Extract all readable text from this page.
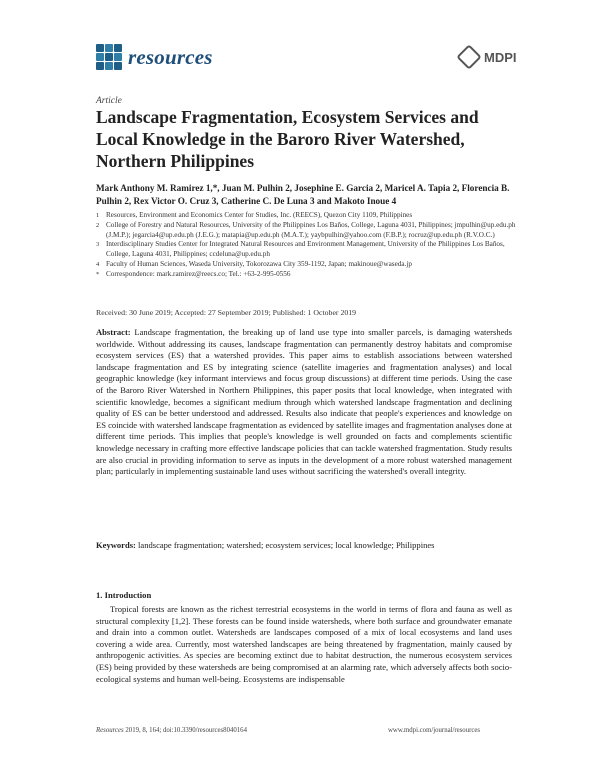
resources	MDPI
Article
Landscape Fragmentation, Ecosystem Services and Local Knowledge in the Baroro River Watershed, Northern Philippines
Mark Anthony M. Ramirez 1,*, Juan M. Pulhin 2, Josephine E. Garcia 2, Maricel A. Tapia 2, Florencia B. Pulhin 2, Rex Victor O. Cruz 3, Catherine C. De Luna 3 and Makoto Inoue 4
1 Resources, Environment and Economics Center for Studies, Inc. (REECS), Quezon City 1109, Philippines
2 College of Forestry and Natural Resources, University of the Philippines Los Baños, College, Laguna 4031, Philippines; jmpulhin@up.edu.ph (J.M.P.); jegarcia4@up.edu.ph (J.E.G.); matapia@up.edu.ph (M.A.T.); yaybpulhin@yahoo.com (F.B.P.); rocruz@up.edu.ph (R.V.O.C.)
3 Interdisciplinary Studies Center for Integrated Natural Resources and Environment Management, University of the Philippines Los Baños, College, Laguna 4031, Philippines; ccdeluna@up.edu.ph
4 Faculty of Human Sciences, Waseda University, Tokorozawa City 359-1192, Japan; makinoue@waseda.jp
* Correspondence: mark.ramirez@reecs.co; Tel.: +63-2-995-0556
Received: 30 June 2019; Accepted: 27 September 2019; Published: 1 October 2019
Abstract: Landscape fragmentation, the breaking up of land use type into smaller parcels, is damaging watersheds worldwide. Without addressing its causes, landscape fragmentation can permanently destroy habitats and compromise ecosystem services (ES) that a watershed provides. This paper aims to establish associations between watershed landscape fragmentation and ES by integrating science (satellite imageries and fragmentation analyses) and local geographic knowledge (key informant interviews and focus group discussions) at different time periods. Using the case of the Baroro River Watershed in Northern Philippines, this paper posits that local knowledge, when integrated with scientific knowledge, becomes a significant medium through which watershed landscape fragmentation and declining quality of ES can be better understood and addressed. Results also indicate that people's experiences and knowledge on ES coincide with watershed landscape fragmentation as evidenced by satellite images and fragmentation analyses done at different time periods. This implies that people's knowledge is well grounded on facts and complements scientific knowledge necessary in crafting more effective landscape policies that can tackle watershed fragmentation. Study results are also crucial in providing information to serve as inputs in the development of a more robust watershed management plan; particularly in implementing sustainable land uses without sacrificing the watershed's overall integrity.
Keywords: landscape fragmentation; watershed; ecosystem services; local knowledge; Philippines
1. Introduction
Tropical forests are known as the richest terrestrial ecosystems in the world in terms of flora and fauna as well as structural complexity [1,2]. These forests can be found inside watersheds, where both surface and groundwater emanate and drain into a common outlet. Watersheds are landscapes composed of a mix of local ecosystems and land uses covering a wide area. Currently, most watershed landscapes are being threatened by fragmentation, mainly caused by anthropogenic activities. As species are becoming extinct due to habitat destruction, the numerous ecosystem services (ES) being provided by these watersheds are being compromised at an alarming rate, which adversely affects both socio-ecological systems and human well-being. Ecosystems are indispensable
Resources 2019, 8, 164; doi:10.3390/resources8040164	www.mdpi.com/journal/resources
